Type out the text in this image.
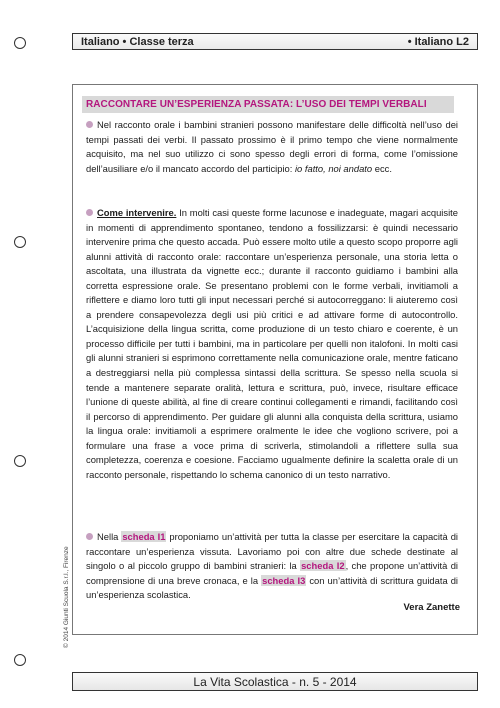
Italiano • Classe terza	• Italiano L2
RACCONTARE UN’ESPERIENZA PASSATA: L’USO DEI TEMPI VERBALI

Nel racconto orale i bambini stranieri possono manifestare delle difficoltà nell’uso dei tempi passati dei verbi. Il passato prossimo è il primo tempo che viene normalmente acquisito, ma nel suo utilizzo ci sono spesso degli errori di forma, come l’omissione dell’ausiliare e/o il mancato accordo del participio: io fatto, noi andato ecc.

Come intervenire. In molti casi queste forme lacunose e inadeguate, magari acquisite in momenti di apprendimento spontaneo, tendono a fossilizzarsi: è quindi necessario intervenire prima che questo accada. Può essere molto utile a questo scopo proporre agli alunni attività di racconto orale: raccontare un’esperienza personale, una storia letta o ascoltata, una illustrata da vignette ecc.; durante il racconto guidiamo i bambini alla corretta espressione orale. Se presentano problemi con le forme verbali, invitiamoli a riflettere e diamo loro tutti gli input necessari perché si autocorreggano: li aiuteremo così a prendere consapevolezza degli usi più critici e ad attivare forme di autocontrollo. L’acquisizione della lingua scritta, come produzione di un testo chiaro e coerente, è un processo difficile per tutti i bambini, ma in particolare per quelli non italofoni. In molti casi gli alunni stranieri si esprimono correttamente nella comunicazione orale, mentre faticano a destreggiarsi nella più complessa sintassi della scrittura. Se spesso nella scuola si tende a mantenere separate oralità, lettura e scrittura, può, invece, risultare efficace l’unione di queste abilità, al fine di creare continui collegamenti e rimandi, facilitando così il percorso di apprendimento. Per guidare gli alunni alla conquista della scrittura, usiamo la lingua orale: invitiamoli a esprimere oralmente le idee che vogliono scrivere, poi a formulare una frase a voce prima di scriverla, stimolandoli a riflettere sulla sua completezza, coerenza e coesione. Facciamo ugualmente definire la scaletta orale di un racconto personale, rispettando lo schema canonico di un testo narrativo.

Nella scheda I1 proponiamo un’attività per tutta la classe per esercitare la capacità di raccontare un’esperienza vissuta. Lavoriamo poi con altre due schede destinate al singolo o al piccolo gruppo di bambini stranieri: la scheda I2, che propone un’attività di comprensione di una breve cronaca, e la scheda I3 con un’attività di scrittura guidata di un’esperienza scolastica.

Vera Zanette
© 2014 Giunti Scuola S.r.l., Firenze
La Vita Scolastica - n. 5 - 2014
